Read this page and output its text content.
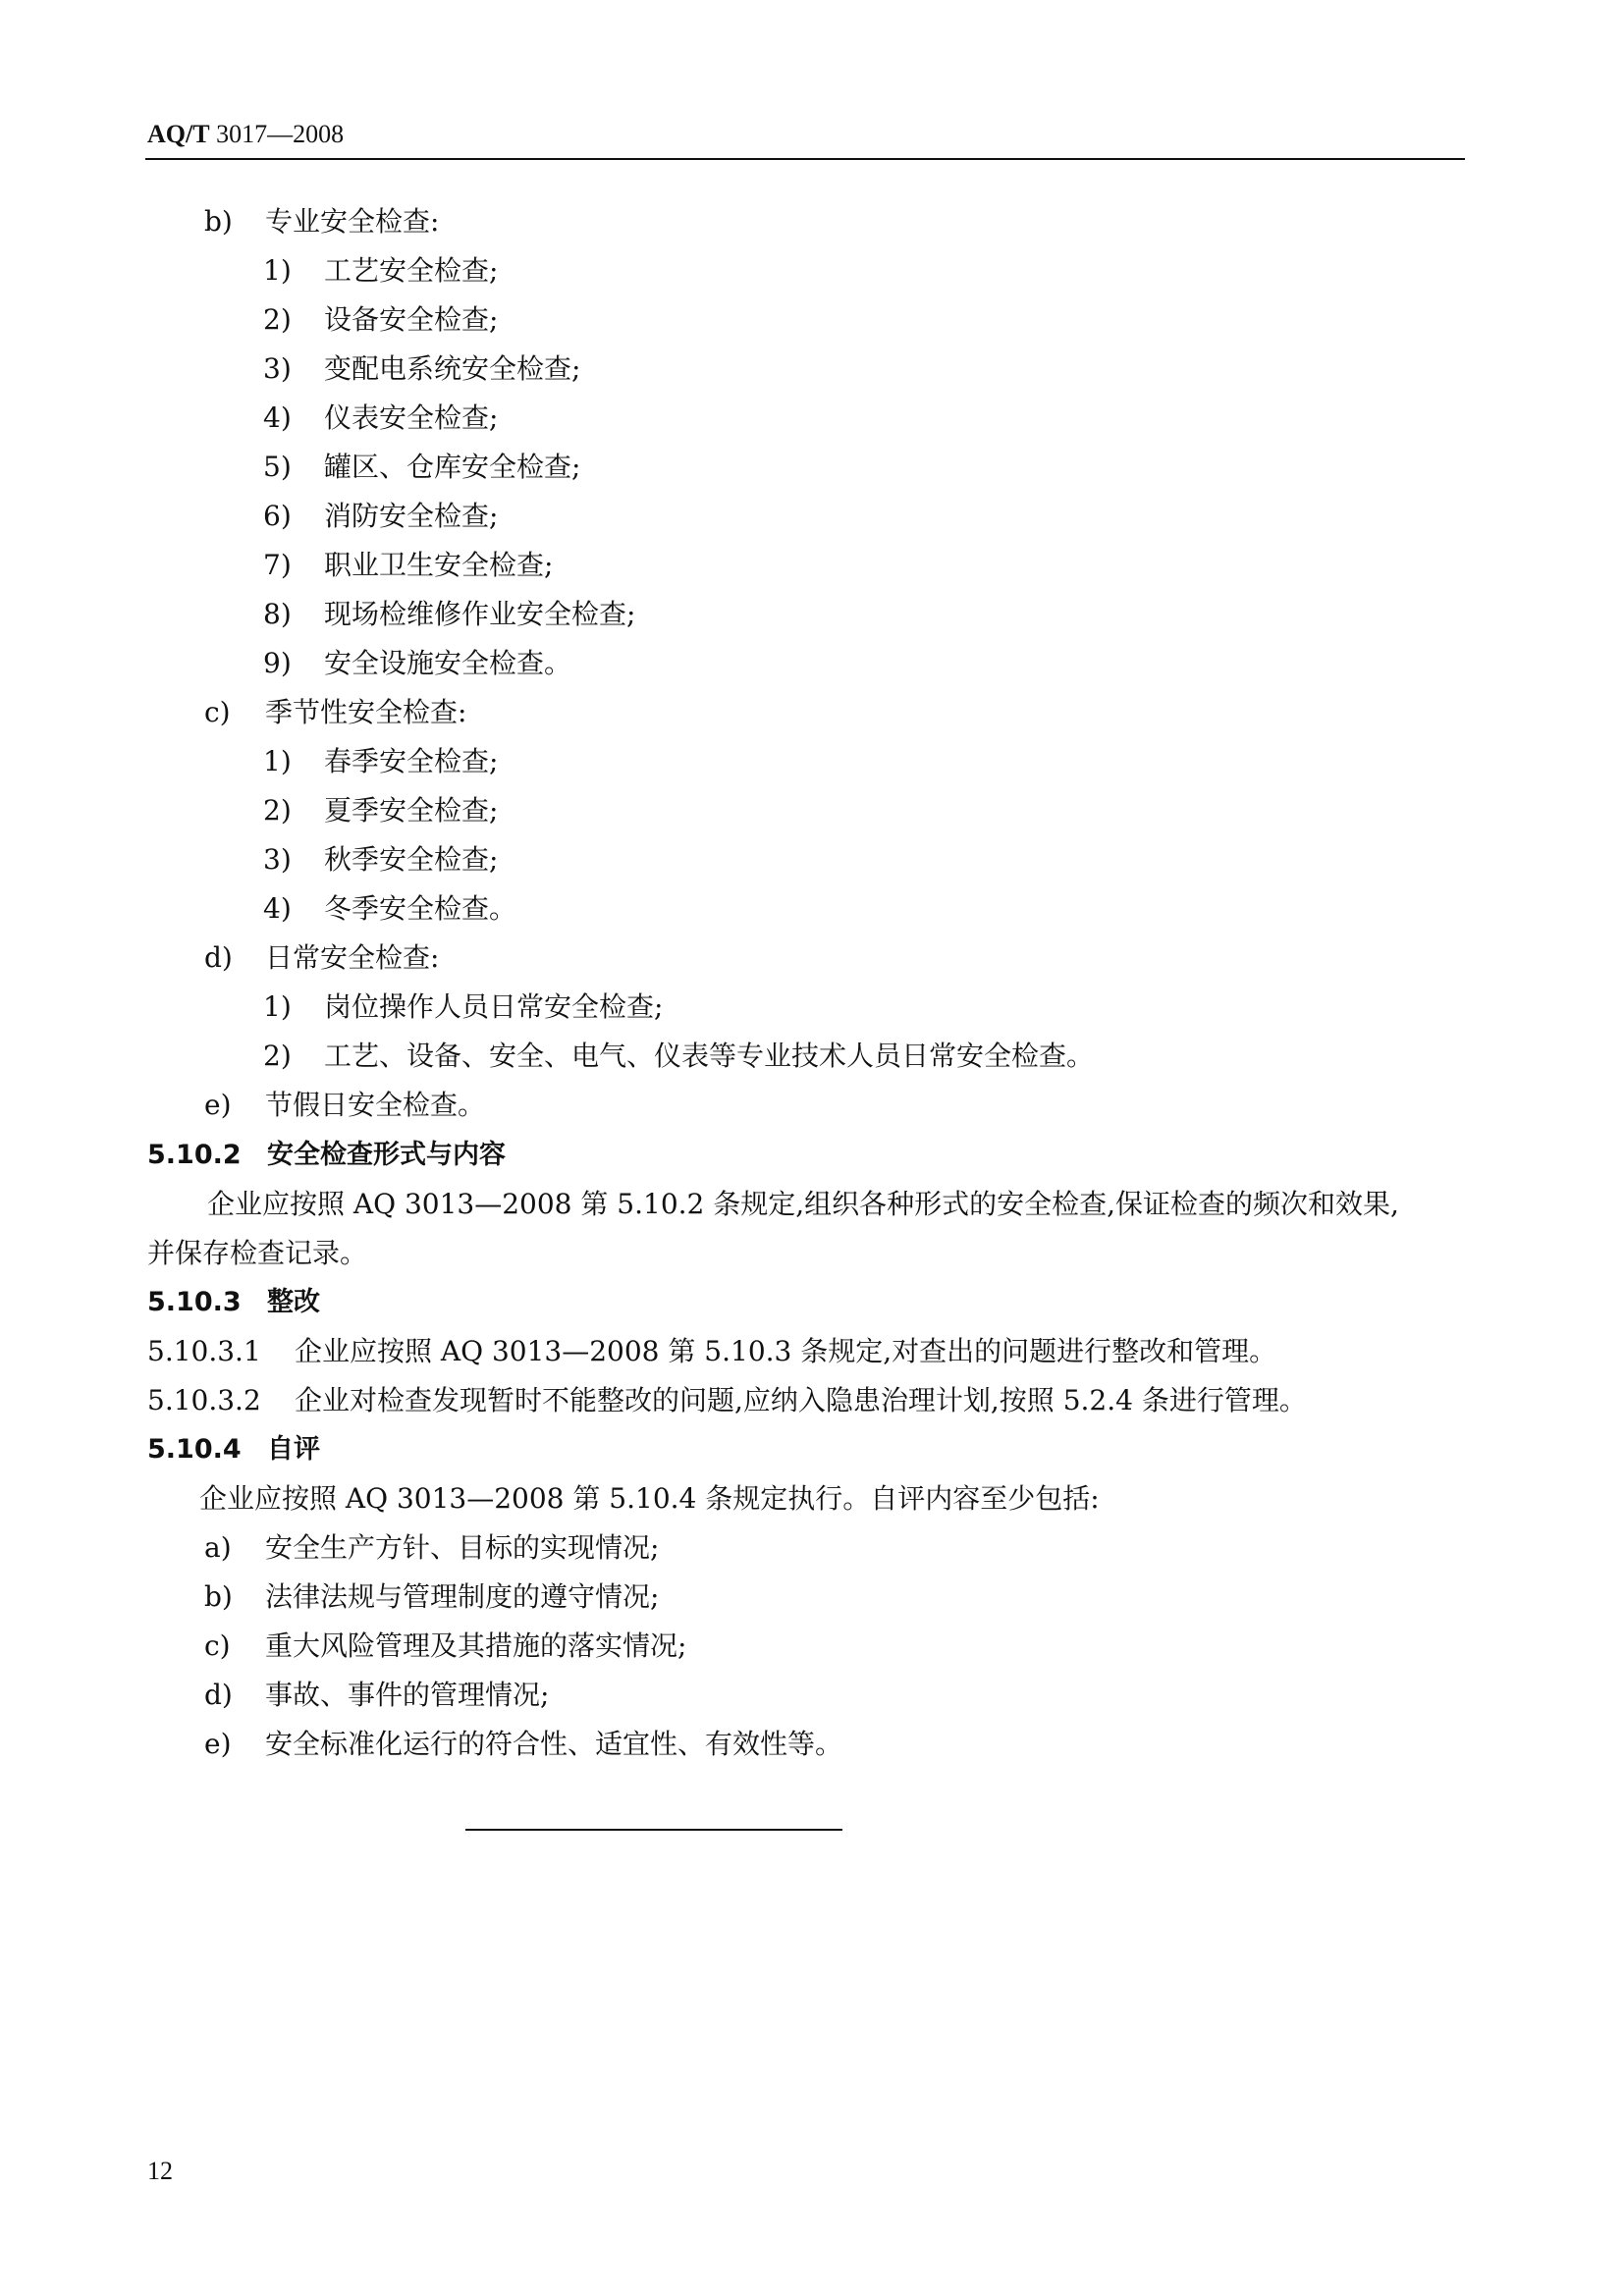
AQ/T 3017—2008
b) 专业安全检查:
1) 工艺安全检查;
2) 设备安全检查;
3) 变配电系统安全检查;
4) 仪表安全检查;
5) 罐区、仓库安全检查;
6) 消防安全检查;
7) 职业卫生安全检查;
8) 现场检维修作业安全检查;
9) 安全设施安全检查。
c) 季节性安全检查:
1) 春季安全检查;
2) 夏季安全检查;
3) 秋季安全检查;
4) 冬季安全检查。
d) 日常安全检查:
1) 岗位操作人员日常安全检查;
2) 工艺、设备、安全、电气、仪表等专业技术人员日常安全检查。
e) 节假日安全检查。
5.10.2 安全检查形式与内容
企业应按照 AQ 3013—2008 第 5.10.2 条规定,组织各种形式的安全检查,保证检查的频次和效果,
并保存检查记录。
5.10.3 整改
5.10.3.1 企业应按照 AQ 3013—2008 第 5.10.3 条规定,对查出的问题进行整改和管理。
5.10.3.2 企业对检查发现暂时不能整改的问题,应纳入隐患治理计划,按照 5.2.4 条进行管理。
5.10.4 自评
企业应按照 AQ 3013—2008 第 5.10.4 条规定执行。自评内容至少包括:
a) 安全生产方针、目标的实现情况;
b) 法律法规与管理制度的遵守情况;
c) 重大风险管理及其措施的落实情况;
d) 事故、事件的管理情况;
e) 安全标准化运行的符合性、适宜性、有效性等。
12
